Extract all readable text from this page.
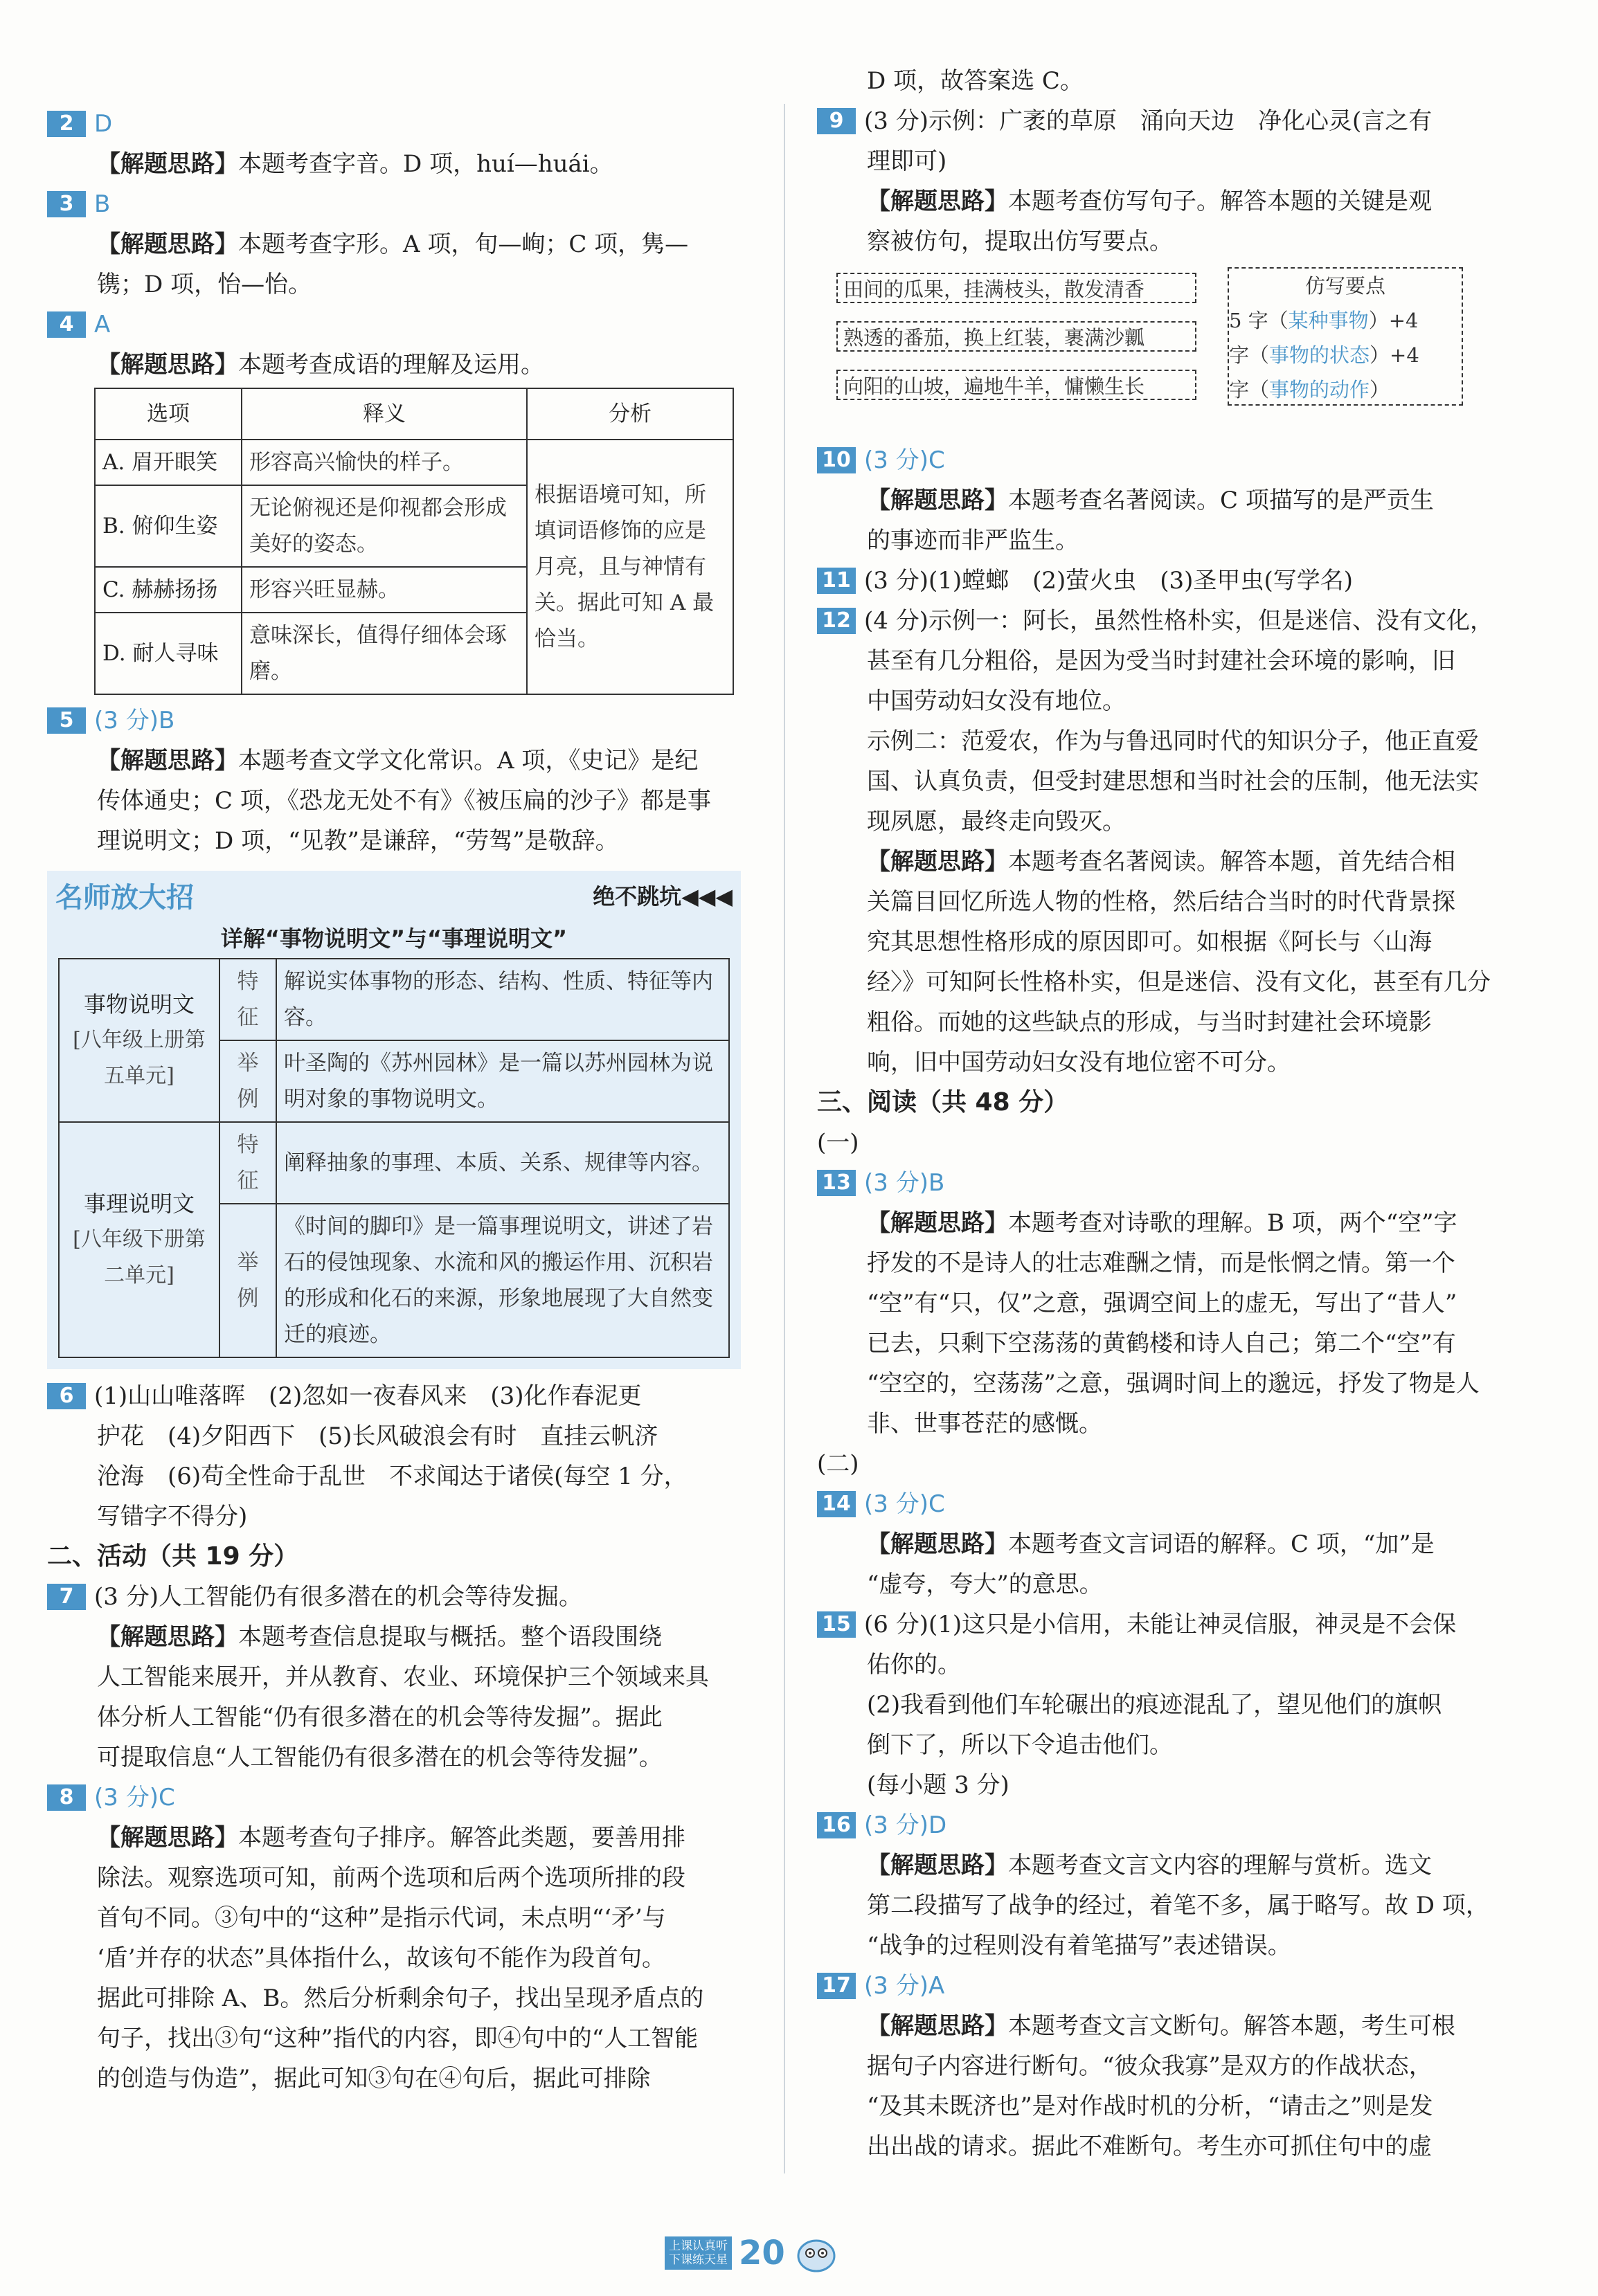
2 D
【解题思路】本题考查字音。D 项，huí—huái。
3 B
【解题思路】本题考查字形。A 项，旬—峋；C 项，隽—
镌；D 项，怡—怡。
4 A
【解题思路】本题考查成语的理解及运用。
选项	释义	分析
A. 眉开眼笑	形容高兴愉快的样子。	根据语境可知，所填词语修饰的应是月亮，且与神情有关。据此可知 A 最恰当。
B. 俯仰生姿	无论俯视还是仰视都会形成美好的姿态。	
C. 赫赫扬扬	形容兴旺显赫。	
D. 耐人寻味	意味深长，值得仔细体会琢磨。	
5 (3 分)B
【解题思路】本题考查文学文化常识。A 项，《史记》是纪
传体通史；C 项，《恐龙无处不有》《被压扁的沙子》都是事
理说明文；D 项，“见教”是谦辞，“劳驾”是敬辞。
名师放大招	绝不跳坑◀◀◀
详解“事物说明文”与“事理说明文”
事物说明文
[八年级上册第五单元]	特征	解说实体事物的形态、结构、性质、特征等内容。
	举例	叶圣陶的《苏州园林》是一篇以苏州园林为说明对象的事物说明文。

事理说明文
[八年级下册第二单元]	特征	阐释抽象的事理、本质、关系、规律等内容。
	举例	《时间的脚印》是一篇事理说明文，讲述了岩石的侵蚀现象、水流和风的搬运作用、沉积岩的形成和化石的来源，形象地展现了大自然变迁的痕迹。
6 (1)山山唯落晖　(2)忽如一夜春风来　(3)化作春泥更
护花　(4)夕阳西下　(5)长风破浪会有时　直挂云帆济
沧海　(6)苟全性命于乱世　不求闻达于诸侯(每空 1 分，
写错字不得分)
二、活动（共 19 分）
7 (3 分)人工智能仍有很多潜在的机会等待发掘。
【解题思路】本题考查信息提取与概括。整个语段围绕
人工智能来展开，并从教育、农业、环境保护三个领域来具
体分析人工智能“仍有很多潜在的机会等待发掘”。据此
可提取信息“人工智能仍有很多潜在的机会等待发掘”。
8 (3 分)C
【解题思路】本题考查句子排序。解答此类题，要善用排
除法。观察选项可知，前两个选项和后两个选项所排的段
首句不同。③句中的“这种”是指示代词，未点明“‘矛’与
‘盾’并存的状态”具体指什么，故该句不能作为段首句。
据此可排除 A、B。然后分析剩余句子，找出呈现矛盾点的
句子，找出③句“这种”指代的内容，即④句中的“人工智能
的创造与伪造”，据此可知③句在④句后，据此可排除
D 项，故答案选 C。
9 (3 分)示例：广袤的草原　涌向天边　净化心灵(言之有
理即可)
【解题思路】本题考查仿写句子。解答本题的关键是观
察被仿句，提取出仿写要点。
田间的瓜果，挂满枝头，散发清香
熟透的番茄，换上红装，裹满沙瓤
向阳的山坡，遍地牛羊，慵懒生长
仿写要点
5 字（某种事物）+4
字（事物的状态）+4
字（事物的动作）
10 (3 分)C
【解题思路】本题考查名著阅读。C 项描写的是严贡生
的事迹而非严监生。
11 (3 分)(1)螳螂　(2)萤火虫　(3)圣甲虫(写学名)
12 (4 分)示例一：阿长，虽然性格朴实，但是迷信、没有文化，
甚至有几分粗俗，是因为受当时封建社会环境的影响，旧
中国劳动妇女没有地位。
示例二：范爱农，作为与鲁迅同时代的知识分子，他正直爱
国、认真负责，但受封建思想和当时社会的压制，他无法实
现夙愿，最终走向毁灭。
【解题思路】本题考查名著阅读。解答本题，首先结合相
关篇目回忆所选人物的性格，然后结合当时的时代背景探
究其思想性格形成的原因即可。如根据《阿长与〈山海
经〉》可知阿长性格朴实，但是迷信、没有文化，甚至有几分
粗俗。而她的这些缺点的形成，与当时封建社会环境影
响，旧中国劳动妇女没有地位密不可分。
三、阅读（共 48 分）
(一)
13 (3 分)B
【解题思路】本题考查对诗歌的理解。B 项，两个“空”字
抒发的不是诗人的壮志难酬之情，而是怅惘之情。第一个
“空”有“只，仅”之意，强调空间上的虚无，写出了“昔人”
已去，只剩下空荡荡的黄鹤楼和诗人自己；第二个“空”有
“空空的，空荡荡”之意，强调时间上的邈远，抒发了物是人
非、世事苍茫的感慨。
(二)
14 (3 分)C
【解题思路】本题考查文言词语的解释。C 项，“加”是
“虚夸，夸大”的意思。
15 (6 分)(1)这只是小信用，未能让神灵信服，神灵是不会保
佑你的。
(2)我看到他们车轮碾出的痕迹混乱了，望见他们的旗帜
倒下了，所以下令追击他们。
(每小题 3 分)
16 (3 分)D
【解题思路】本题考查文言文内容的理解与赏析。选文
第二段描写了战争的经过，着笔不多，属于略写。故 D 项，
“战争的过程则没有着笔描写”表述错误。
17 (3 分)A
【解题思路】本题考查文言文断句。解答本题，考生可根
据句子内容进行断句。“彼众我寡”是双方的作战状态，
“及其未既济也”是对作战时机的分析，“请击之”则是发
出出战的请求。据此不难断句。考生亦可抓住句中的虚
上课认真听
下课练天星 20
